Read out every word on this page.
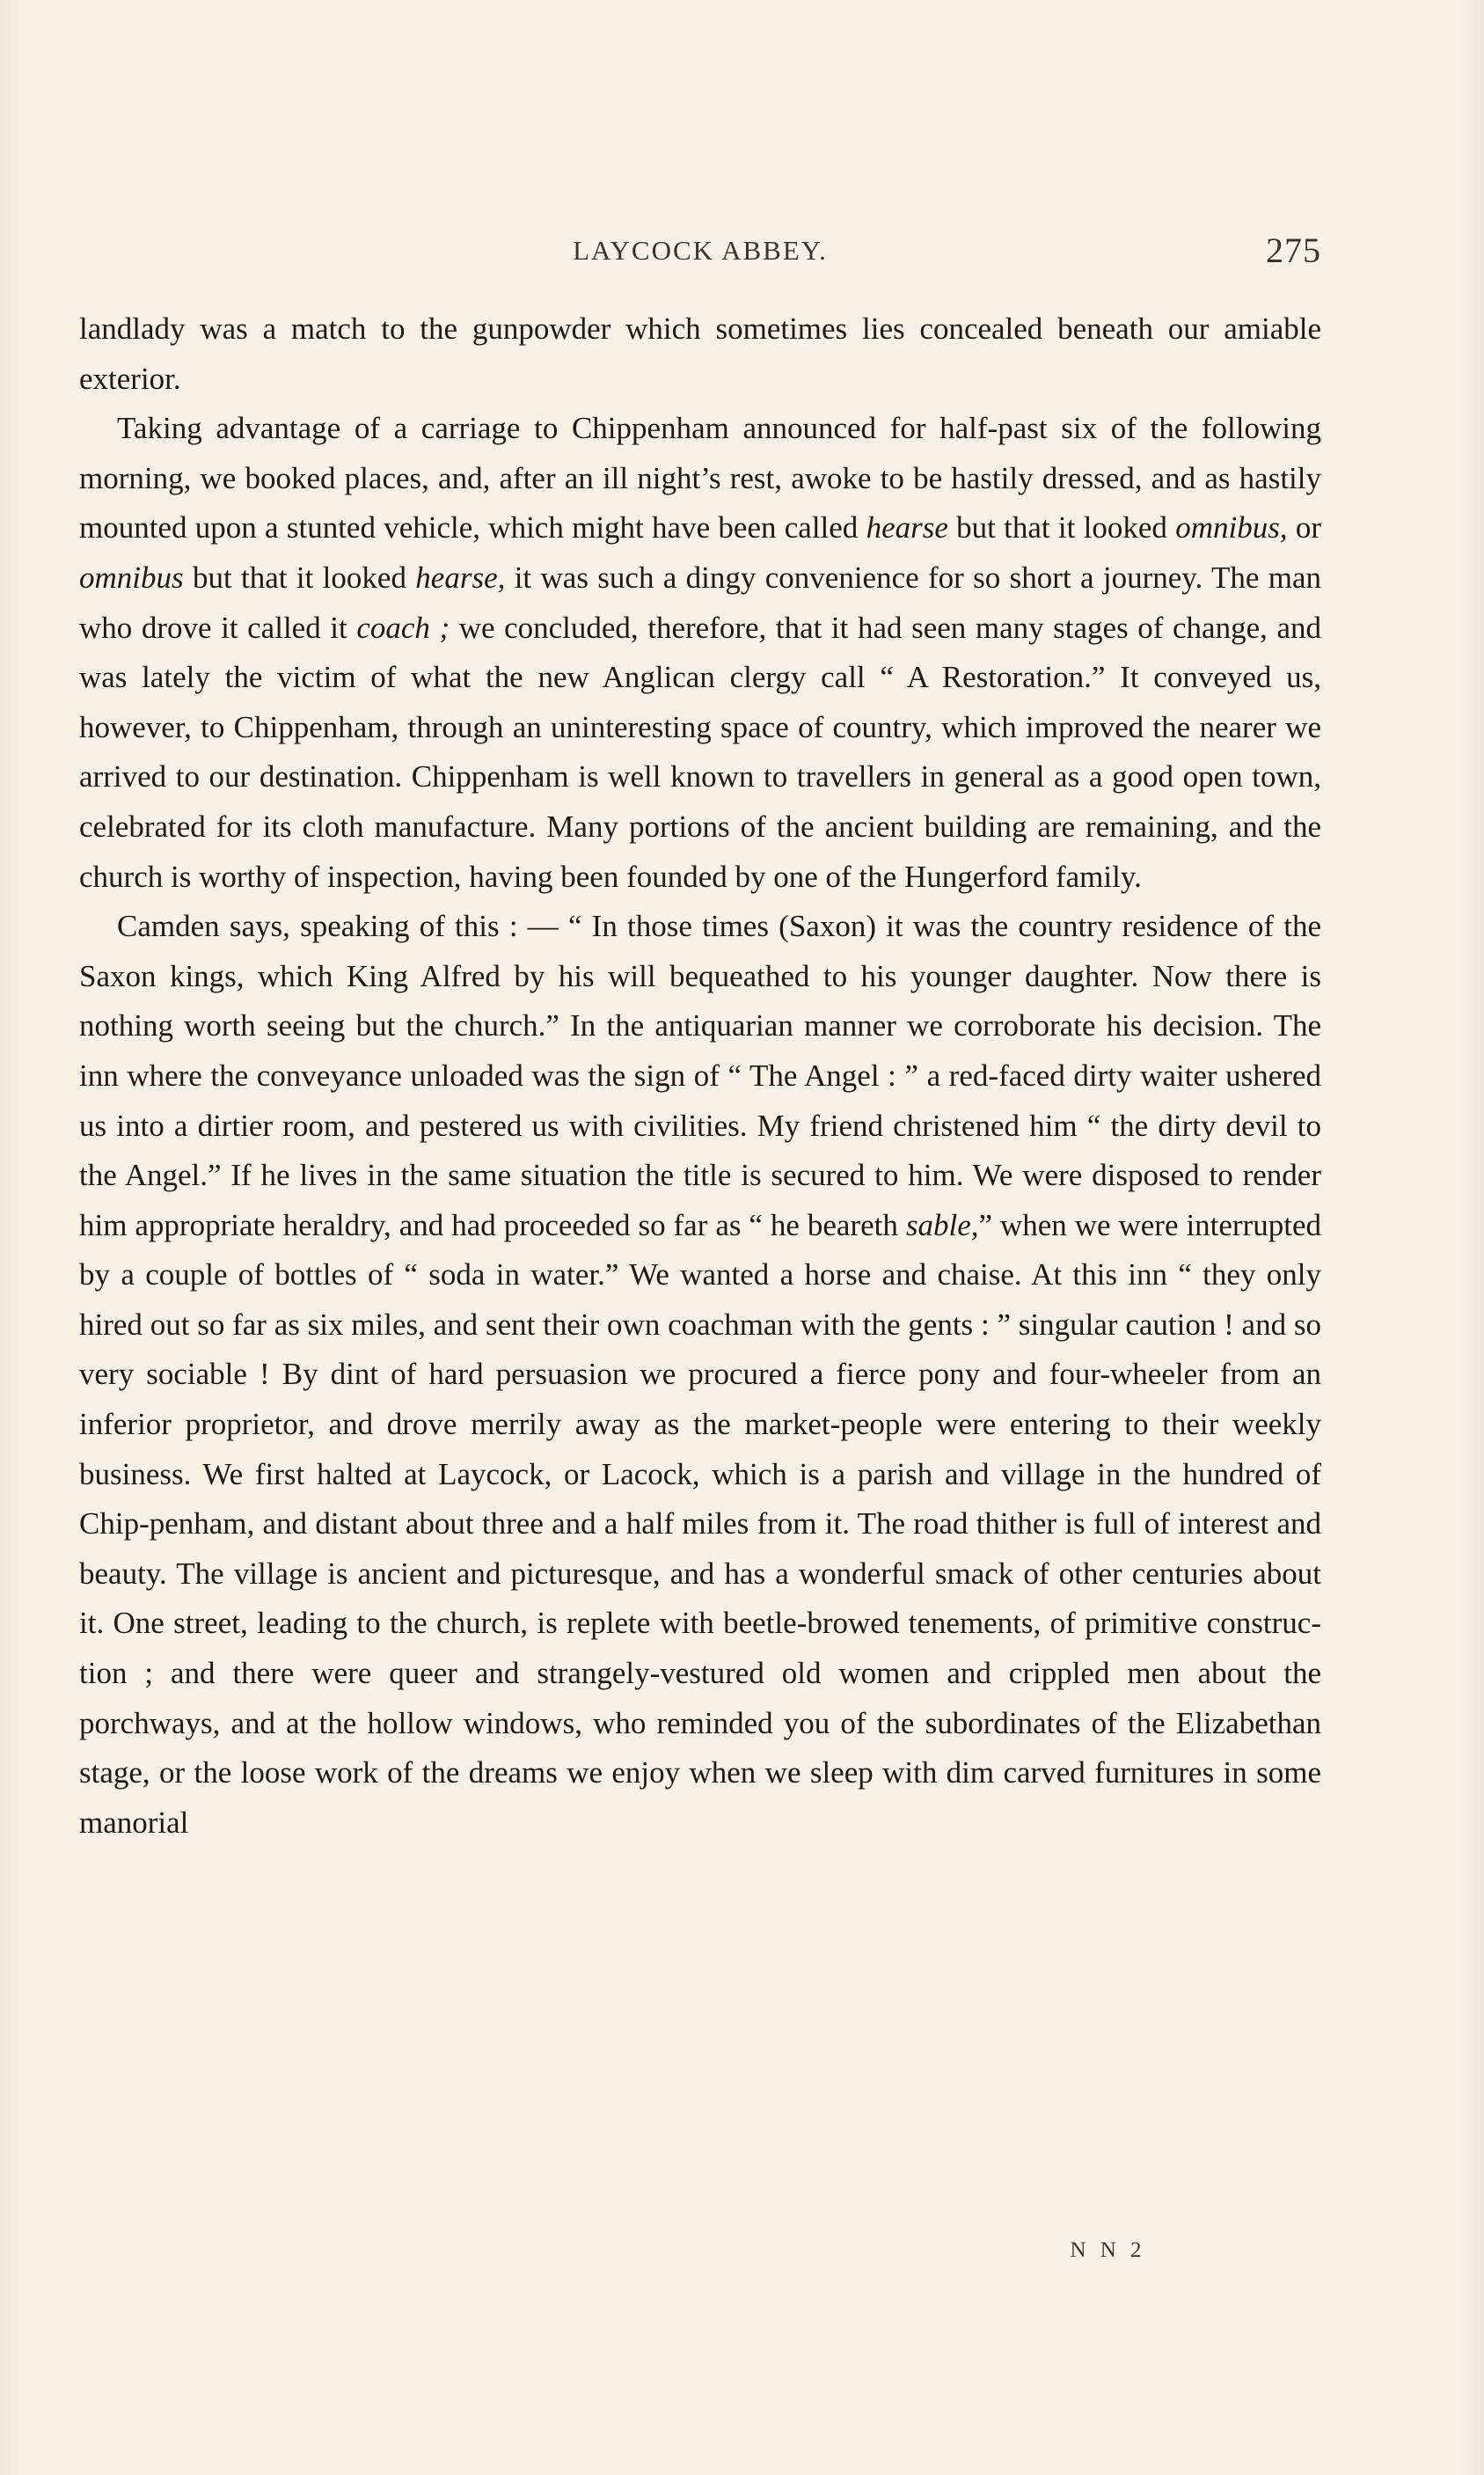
LAYCOCK ABBEY.	275

landlady was a match to the gunpowder which sometimes lies concealed beneath our amiable exterior.

Taking advantage of a carriage to Chippenham announced for half-past six of the following morning, we booked places, and, after an ill night’s rest, awoke to be hastily dressed, and as hastily mounted upon a stunted vehicle, which might have been called hearse but that it looked omnibus, or omnibus but that it looked hearse, it was such a dingy convenience for so short a journey. The man who drove it called it coach ; we concluded, therefore, that it had seen many stages of change, and was lately the victim of what the new Anglican clergy call “ A Restoration.” It conveyed us, however, to Chippenham, through an uninteresting space of country, which improved the nearer we arrived to our destination. Chippenham is well known to travellers in general as a good open town, celebrated for its cloth manufacture. Many portions of the ancient building are remaining, and the church is worthy of inspection, having been founded by one of the Hungerford family.

Camden says, speaking of this : — “ In those times (Saxon) it was the country residence of the Saxon kings, which King Alfred by his will bequeathed to his younger daughter. Now there is nothing worth seeing but the church.” In the antiquarian manner we corroborate his decision. The inn where the conveyance unloaded was the sign of “ The Angel : ” a red-faced dirty waiter ushered us into a dirtier room, and pestered us with civilities. My friend christened him “ the dirty devil to the Angel.” If he lives in the same situation the title is secured to him. We were disposed to render him appropriate heraldry, and had proceeded so far as “ he beareth sable,” when we were interrupted by a couple of bottles of “ soda in water.” We wanted a horse and chaise. At this inn “ they only hired out so far as six miles, and sent their own coachman with the gents : ” singular caution ! and so very sociable ! By dint of hard persuasion we procured a fierce pony and four-wheeler from an inferior proprietor, and drove merrily away as the market-people were entering to their weekly business. We first halted at Laycock, or Lacock, which is a parish and village in the hundred of Chip-penham, and distant about three and a half miles from it. The road thither is full of interest and beauty. The village is ancient and picturesque, and has a wonderful smack of other centuries about it. One street, leading to the church, is replete with beetle-browed tenements, of primitive construc-tion ; and there were queer and strangely-vestured old women and crippled men about the porchways, and at the hollow windows, who reminded you of the subordinates of the Elizabethan stage, or the loose work of the dreams we enjoy when we sleep with dim carved furnitures in some manorial

N N 2
